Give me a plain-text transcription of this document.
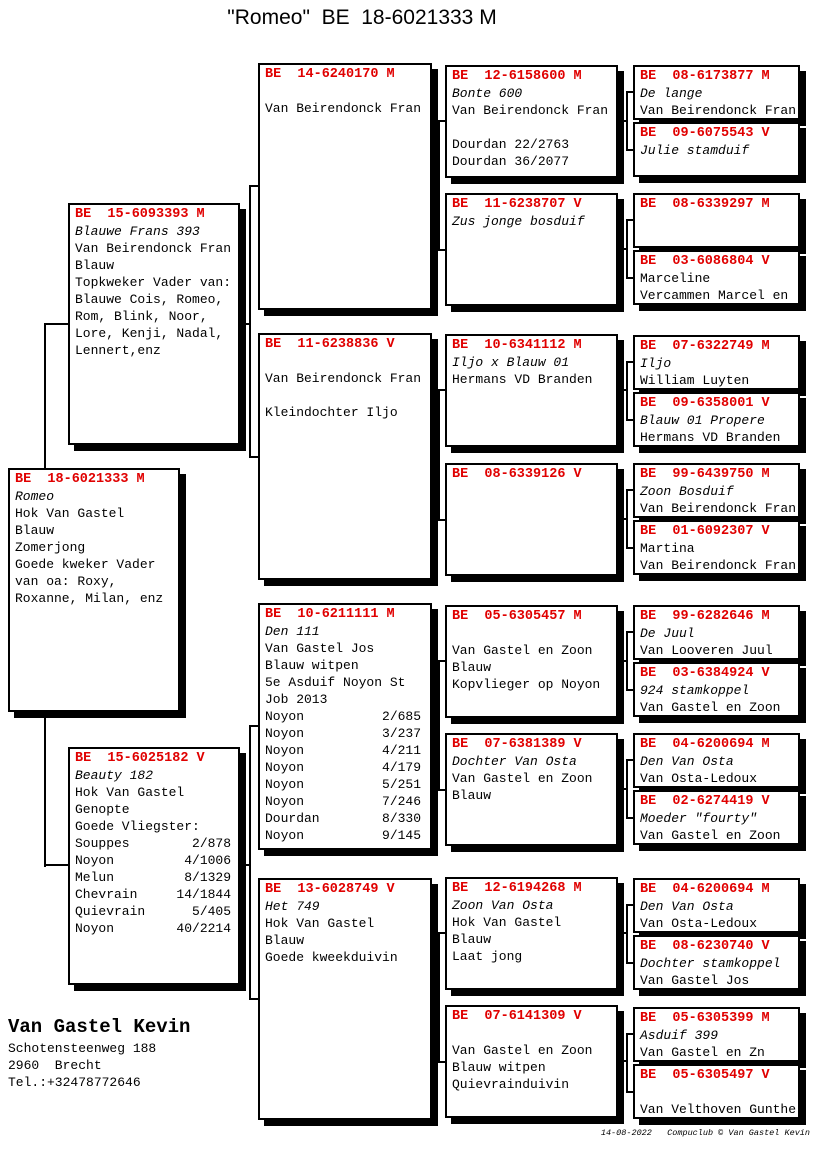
"Romeo"  BE  18-6021333 M
BE  18-6021333 M
Romeo
Hok Van Gastel
Blauw
Zomerjong
Goede kweker Vader
van oa: Roxy,
Roxanne, Milan, enz
BE  15-6093393 M
Blauwe Frans 393
Van Beirendonck Fran
Blauw
Topkweker Vader van:
Blauwe Cois, Romeo,
Rom, Blink, Noor,
Lore, Kenji, Nadal,
Lennert,enz
BE  15-6025182 V
Beauty 182
Hok Van Gastel
Genopte
Goede Vliegster:
Souppes        2/878
Noyon         4/1006
Melun         8/1329
Chevrain     14/1844
Quievrain      5/405
Noyon        40/2214
BE  14-6240170 M

Van Beirendonck Fran
BE  11-6238836 V

Van Beirendonck Fran

Kleindochter Iljo
BE  10-6211111 M
Den 111
Van Gastel Jos
Blauw witpen
5e Asduif Noyon St
Job 2013
Noyon          2/685
Noyon          3/237
Noyon          4/211
Noyon          4/179
Noyon          5/251
Noyon          7/246
Dourdan        8/330
Noyon          9/145
BE  13-6028749 V
Het 749
Hok Van Gastel
Blauw
Goede kweekduivin
BE  12-6158600 M
Bonte 600
Van Beirendonck Fran

Dourdan 22/2763
Dourdan 36/2077
BE  11-6238707 V
Zus jonge bosduif
BE  10-6341112 M
Iljo x Blauw 01
Hermans VD Branden
BE  08-6339126 V
BE  05-6305457 M

Van Gastel en Zoon
Blauw
Kopvlieger op Noyon
BE  07-6381389 V
Dochter Van Osta
Van Gastel en Zoon
Blauw
BE  12-6194268 M
Zoon Van Osta
Hok Van Gastel
Blauw
Laat jong
BE  07-6141309 V

Van Gastel en Zoon
Blauw witpen
Quievrainduivin
BE  08-6173877 M
De lange
Van Beirendonck Fran
BE  09-6075543 V
Julie stamduif
BE  08-6339297 M
BE  03-6086804 V
Marceline
Vercammen Marcel en
BE  07-6322749 M
Iljo
William Luyten
BE  09-6358001 V
Blauw 01 Propere
Hermans VD Branden
BE  99-6439750 M
Zoon Bosduif
Van Beirendonck Fran
BE  01-6092307 V
Martina
Van Beirendonck Fran
BE  99-6282646 M
De Juul
Van Looveren Juul
BE  03-6384924 V
924 stamkoppel
Van Gastel en Zoon
BE  04-6200694 M
Den Van Osta
Van Osta-Ledoux
BE  02-6274419 V
Moeder "fourty"
Van Gastel en Zoon
BE  04-6200694 M
Den Van Osta
Van Osta-Ledoux
BE  08-6230740 V
Dochter stamkoppel
Van Gastel Jos
BE  05-6305399 M
Asduif 399
Van Gastel en Zn
BE  05-6305497 V

Van Velthoven Gunthe
Van Gastel Kevin
Schotensteenweg 188
2960  Brecht
Tel.:+32478772646
14-08-2022   Compuclub © Van Gastel Kevin
